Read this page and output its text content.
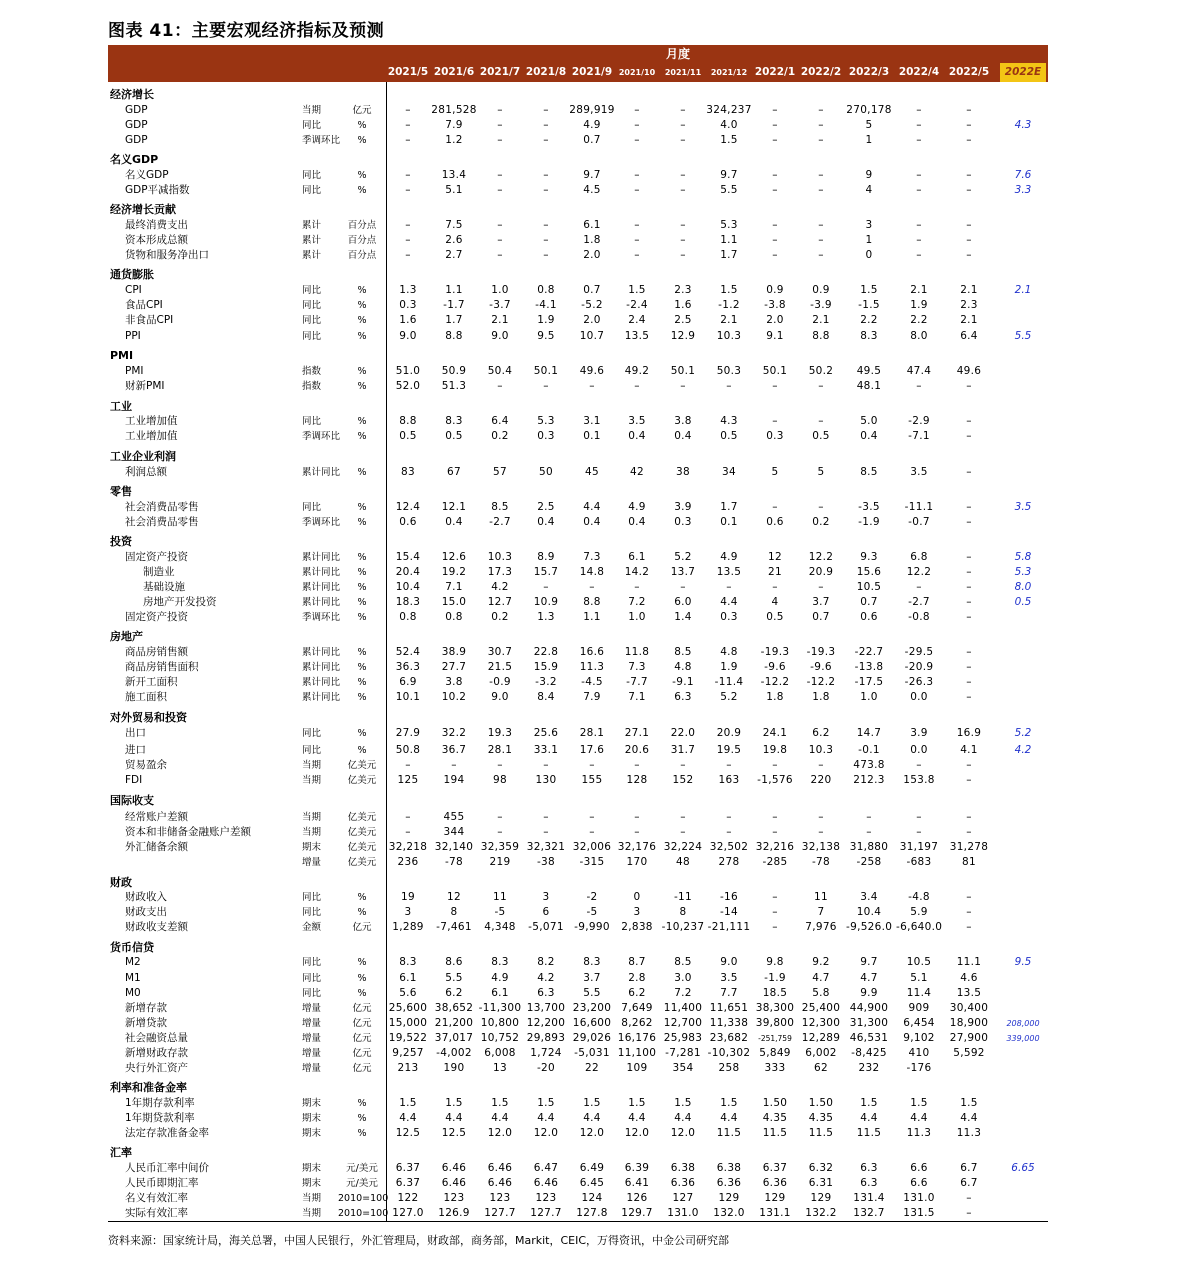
图表 41：主要宏观经济指标及预测
月度
2021/5 2021/6 2021/7 2021/8 2021/9 2021/10	2021/11	2021/12 2022/1 2022/2 2022/3 2022/4 2022/5	2022E
经济增长
GDP	当期	亿元	–	281,528	–	–	289,919	–	–	324,237	–	–	270,178	–	–
GDP	同比	%	–	7.9	–	–	4.9	–	–	4.0	–	–	5	–	–	4.3
GDP	季调环比	%	–	1.2	–	–	0.7	–	–	1.5	–	–	1	–	–
名义GDP
名义GDP	同比	%	–	13.4	–	–	9.7	–	–	9.7	–	–	9	–	–	7.6
GDP平减指数	同比	%	–	5.1	–	–	4.5	–	–	5.5	–	–	4	–	–	3.3
经济增长贡献
最终消费支出	累计	百分点	–	7.5	–	–	6.1	–	–	5.3	–	–	3	–	–
资本形成总额	累计	百分点	–	2.6	–	–	1.8	–	–	1.1	–	–	1	–	–
货物和服务净出口	累计	百分点	–	2.7	–	–	2.0	–	–	1.7	–	–	0	–	–
通货膨胀
CPI	同比	%	1.3	1.1	1.0	0.8	0.7	1.5	2.3	1.5	0.9	0.9	1.5	2.1	2.1	2.1
食品CPI	同比	%	0.3	-1.7	-3.7	-4.1	-5.2	-2.4	1.6	-1.2	-3.8	-3.9	-1.5	1.9	2.3
非食品CPI	同比	%	1.6	1.7	2.1	1.9	2.0	2.4	2.5	2.1	2.0	2.1	2.2	2.2	2.1
PPI	同比	%	9.0	8.8	9.0	9.5	10.7	13.5	12.9	10.3	9.1	8.8	8.3	8.0	6.4	5.5
PMI
PMI	指数	%	51.0	50.9	50.4	50.1	49.6	49.2	50.1	50.3	50.1	50.2	49.5	47.4	49.6
财新PMI	指数	%	52.0	51.3	–	–	–	–	–	–	–	–	48.1	–	–
工业
工业增加值	同比	%	8.8	8.3	6.4	5.3	3.1	3.5	3.8	4.3	–	–	5.0	-2.9	–
工业增加值	季调环比	%	0.5	0.5	0.2	0.3	0.1	0.4	0.4	0.5	0.3	0.5	0.4	-7.1	–
工业企业利润
利润总额	累计同比	%	83	67	57	50	45	42	38	34	5	5	8.5	3.5	–
零售
社会消费品零售	同比	%	12.4	12.1	8.5	2.5	4.4	4.9	3.9	1.7	–	–	-3.5	-11.1	–	3.5
社会消费品零售	季调环比	%	0.6	0.4	-2.7	0.4	0.4	0.4	0.3	0.1	0.6	0.2	-1.9	-0.7	–
投资
固定资产投资	累计同比	%	15.4	12.6	10.3	8.9	7.3	6.1	5.2	4.9	12	12.2	9.3	6.8	–	5.8
制造业	累计同比	%	20.4	19.2	17.3	15.7	14.8	14.2	13.7	13.5	21	20.9	15.6	12.2	–	5.3
基础设施	累计同比	%	10.4	7.1	4.2	–	–	–	–	–	–	–	10.5	–	–	8.0
房地产开发投资	累计同比	%	18.3	15.0	12.7	10.9	8.8	7.2	6.0	4.4	4	3.7	0.7	-2.7	–	0.5
固定资产投资	季调环比	%	0.8	0.8	0.2	1.3	1.1	1.0	1.4	0.3	0.5	0.7	0.6	-0.8	–
房地产
商品房销售额	累计同比	%	52.4	38.9	30.7	22.8	16.6	11.8	8.5	4.8	-19.3	-19.3	-22.7	-29.5	–
商品房销售面积	累计同比	%	36.3	27.7	21.5	15.9	11.3	7.3	4.8	1.9	-9.6	-9.6	-13.8	-20.9	–
新开工面积	累计同比	%	6.9	3.8	-0.9	-3.2	-4.5	-7.7	-9.1	-11.4	-12.2	-12.2	-17.5	-26.3	–
施工面积	累计同比	%	10.1	10.2	9.0	8.4	7.9	7.1	6.3	5.2	1.8	1.8	1.0	0.0	–
对外贸易和投资
出口	同比	%	27.9	32.2	19.3	25.6	28.1	27.1	22.0	20.9	24.1	6.2	14.7	3.9	16.9	5.2
进口	同比	%	50.8	36.7	28.1	33.1	17.6	20.6	31.7	19.5	19.8	10.3	-0.1	0.0	4.1	4.2
贸易盈余	当期	亿美元	–	–	–	–	–	–	–	–	–	–	473.8	–	–
FDI	当期	亿美元	125	194	98	130	155	128	152	163	-1,576	220	212.3	153.8	–
国际收支
经常账户差额	当期	亿美元	–	455	–	–	–	–	–	–	–	–	–	–	–
资本和非储备金融账户差额	当期	亿美元	–	344	–	–	–	–	–	–	–	–	–	–	–
外汇储备余额	期末	亿美元	32,218 32,140 32,359 32,321 32,006 32,176 32,224 32,502 32,216 32,138 31,880	31,197	31,278
增量	亿美元	236	-78	219	-38	-315	170	48	278	-285	-78	-258	-683	81
财政
财政收入	同比	%	19	12	11	3	-2	0	-11	-16	–	11	3.4	-4.8	–
财政支出	同比	%	3	8	-5	6	-5	3	8	-14	–	7	10.4	5.9	–
财政收支差额	金额	亿元	1,289	-7,461	4,348	-5,071 -9,990	2,838 -10,237 -21,111	–	7,976 -9,526.0 -6,640.0	–
货币信贷
M2	同比	%	8.3	8.6	8.3	8.2	8.3	8.7	8.5	9.0	9.8	9.2	9.7	10.5	11.1	9.5
M1	同比	%	6.1	5.5	4.9	4.2	3.7	2.8	3.0	3.5	-1.9	4.7	4.7	5.1	4.6
M0	同比	%	5.6	6.2	6.1	6.3	5.5	6.2	7.2	7.7	18.5	5.8	9.9	11.4	13.5
新增存款	增量	亿元	25,600 38,652 -11,300 13,700 23,200 7,649	11,400 11,651 38,300 25,400 44,900	909	30,400
新增贷款	增量	亿元	15,000 21,200 10,800 12,200 16,600 8,262	12,700 11,338 39,800 12,300 31,300	6,454	18,900	208,000
社会融资总量	增量	亿元	19,522 37,017 10,752 29,893 29,026 16,176 25,983 23,682	-251,759 12,289 46,531	9,102	27,900	339,000
新增财政存款	增量	亿元	9,257	-4,002	6,008	1,724	-5,031 11,100 -7,281 -10,302 5,849	6,002	-8,425	410	5,592
央行外汇资产	增量	亿元	213	190	13	-20	22	109	354	258	333	62	232	-176
利率和准备金率
1年期存款利率	期末	%	1.5	1.5	1.5	1.5	1.5	1.5	1.5	1.5	1.50	1.50	1.5	1.5	1.5
1年期贷款利率	期末	%	4.4	4.4	4.4	4.4	4.4	4.4	4.4	4.4	4.35	4.35	4.4	4.4	4.4
法定存款准备金率	期末	%	12.5	12.5	12.0	12.0	12.0	12.0	12.0	11.5	11.5	11.5	11.5	11.3	11.3
汇率
人民币汇率中间价	期末	元/美元	6.37	6.46	6.46	6.47	6.49	6.39	6.38	6.38	6.37	6.32	6.3	6.6	6.7	6.65
人民币即期汇率	期末	元/美元	6.37	6.46	6.46	6.46	6.45	6.41	6.36	6.36	6.36	6.31	6.3	6.6	6.7
名义有效汇率	当期 2010=100 122	123	123	123	124	126	127	129	129	129	131.4	131.0	–
实际有效汇率	当期 2010=100 127.0	126.9	127.7	127.7	127.8	129.7	131.0	132.0	131.1	132.2	132.7	131.5	–
资料来源：国家统计局，海关总署，中国人民银行，外汇管理局，财政部，商务部，Markit，CEIC，万得资讯，中金公司研究部
